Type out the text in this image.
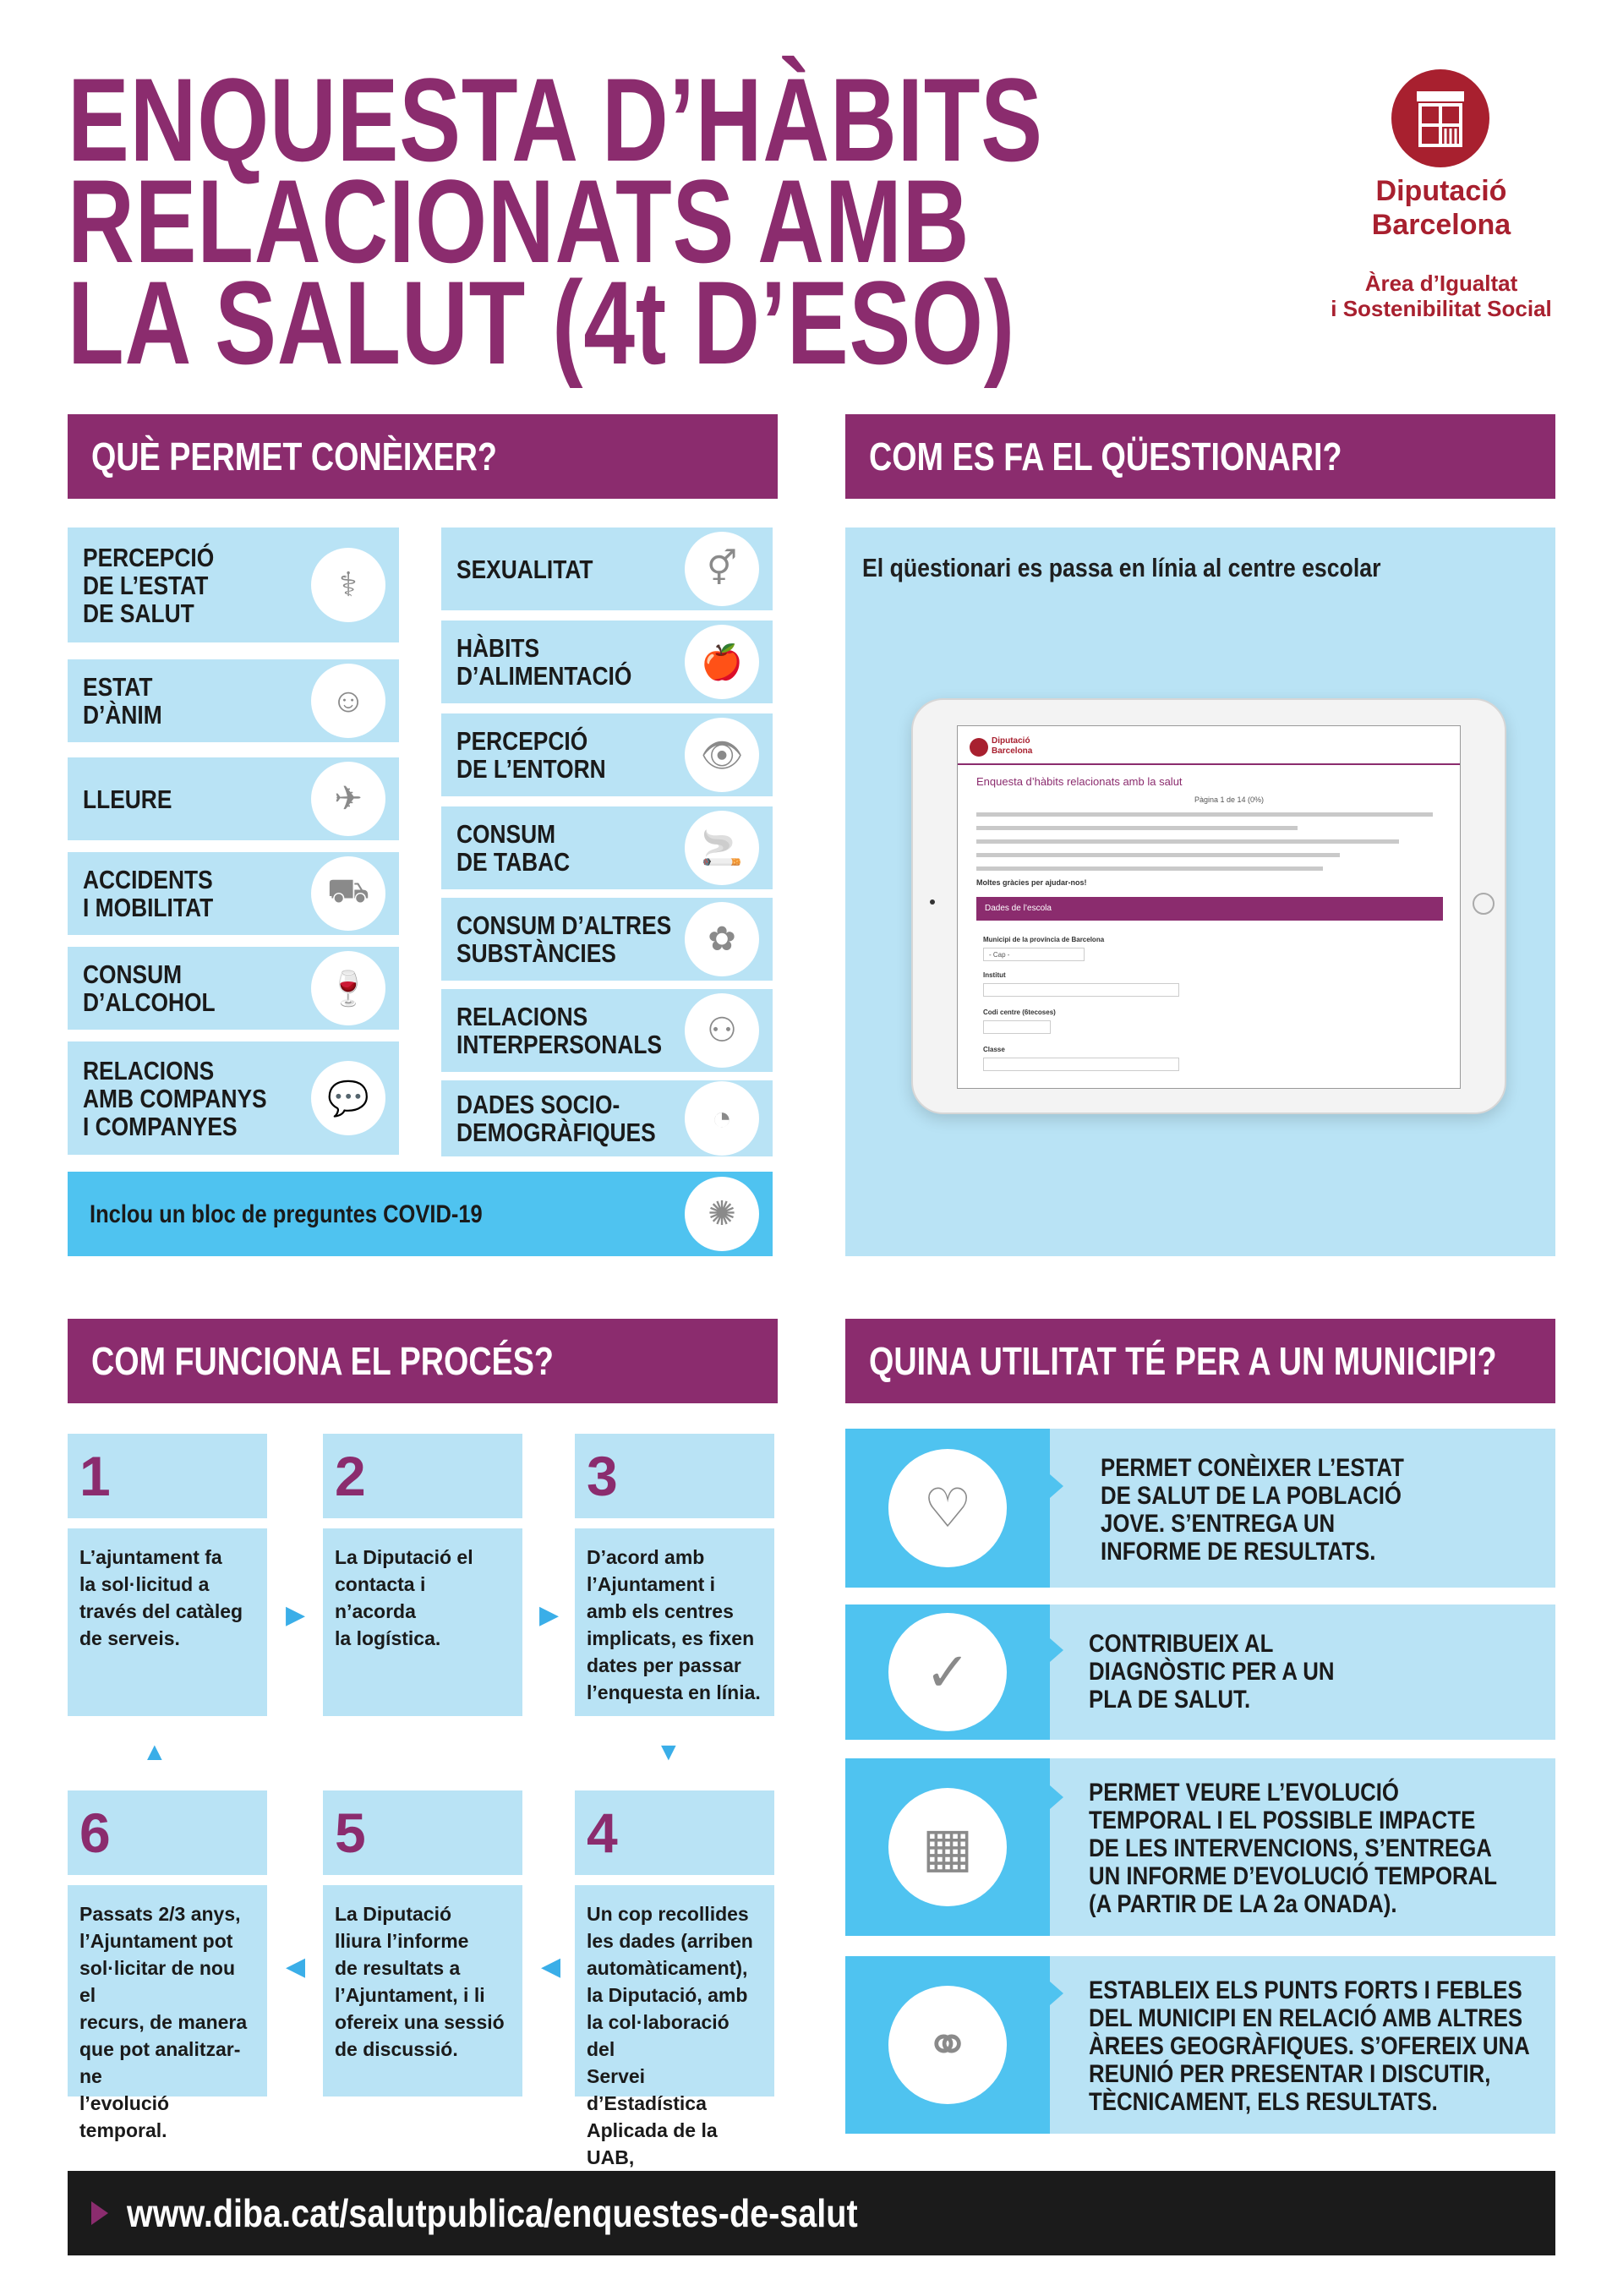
ENQUESTA D’HÀBITS
RELACIONATS AMB
LA SALUT (4t D’ESO)
Diputació
Barcelona
Àrea d’Igualtat
i Sostenibilitat Social
QUÈ PERMET CONÈIXER?	COM ES FA EL QÜESTIONARI?
COM FUNCIONA EL PROCÉS?	QUINA UTILITAT TÉ PER A UN MUNICIPI?
PERCEPCIÓ
DE L’ESTAT
DE SALUT
⚕
ESTAT
D’ÀNIM	☺
LLEURE	✈
ACCIDENTS
I MOBILITAT	⛟
CONSUM
D’ALCOHOL	🍷
RELACIONS
AMB COMPANYS
I COMPANYES
💬
SEXUALITAT	⚥
HÀBITS
D’ALIMENTACIÓ	🍎
PERCEPCIÓ
DE L’ENTORN	👁
CONSUM
DE TABAC	🚬
CONSUM D’ALTRES
SUBSTÀNCIES	✿
RELACIONS
INTERPERSONALS	⚇
DADES SOCIO-
DEMOGRÀFIQUES	◔
Inclou un bloc de preguntes COVID-19	✺
El qüestionari es passa en línia al centre escolar
Diputació
Barcelona
Enquesta d’hàbits relacionats amb la salut
Pàgina 1 de 14 (0%)
Moltes gràcies per ajudar-nos!
Dades de l’escola
Municipi de la província de Barcelona
- Cap -
Institut
Codi centre (6tecoses)
Classe
1
L’ajuntament fa
la sol·licitud a
través del catàleg
de serveis.
2
La Diputació el
contacta i n’acorda
la logística.
3
D’acord amb
l’Ajuntament i
amb els centres
implicats, es fixen
dates per passar
l’enquesta en línia.
6
Passats 2/3 anys,
l’Ajuntament pot
sol·licitar de nou el
recurs, de manera
que pot analitzar-ne
l’evolució temporal.
5
La Diputació
lliura l’informe
de resultats a
l’Ajuntament, i li
ofereix una sessió
de discussió.
4
Un cop recollides
les dades (arriben
automàticament),
la Diputació, amb
la col·laboració del
Servei d’Estadística
Aplicada de la UAB,

▶	▶
▼
◀
◀
▲
♡
PERMET CONÈIXER L’ESTAT
DE SALUT DE LA POBLACIÓ
JOVE. S’ENTREGA UN
INFORME DE RESULTATS.
✓	CONTRIBUEIX AL
DIAGNÒSTIC PER A UN
PLA DE SALUT.
▦
PERMET VEURE L’EVOLUCIÓ
TEMPORAL I EL POSSIBLE IMPACTE
DE LES INTERVENCIONS, S’ENTREGA
UN INFORME D’EVOLUCIÓ TEMPORAL
(A PARTIR DE LA 2a ONADA).
⚭
ESTABLEIX ELS PUNTS FORTS I FEBLES
DEL MUNICIPI EN RELACIÓ AMB ALTRES
ÀREES GEOGRÀFIQUES. S’OFEREIX UNA
REUNIÓ PER PRESENTAR I DISCUTIR,
TÈCNICAMENT, ELS RESULTATS.
www.diba.cat/salutpublica/enquestes-de-salut
